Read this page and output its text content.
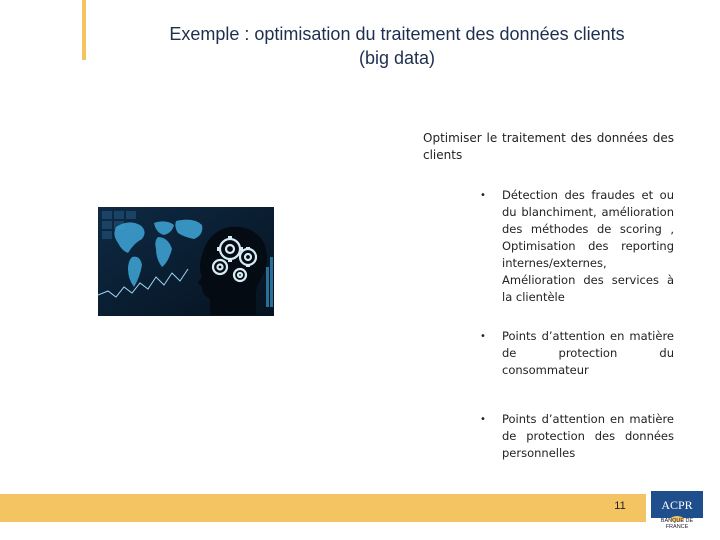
Exemple : optimisation du traitement des données clients
(big data)
Optimiser le traitement des données des
clients
• Détection des fraudes et ou du blanchiment, amélioration des méthodes de scoring , Optimisation des reporting internes/externes, Amélioration des services à la clientèle
• Points d’attention en matière de protection du consommateur
• Points d’attention en matière de protection des données personnelles
11	ACPR
BANQUE DE FRANCE
